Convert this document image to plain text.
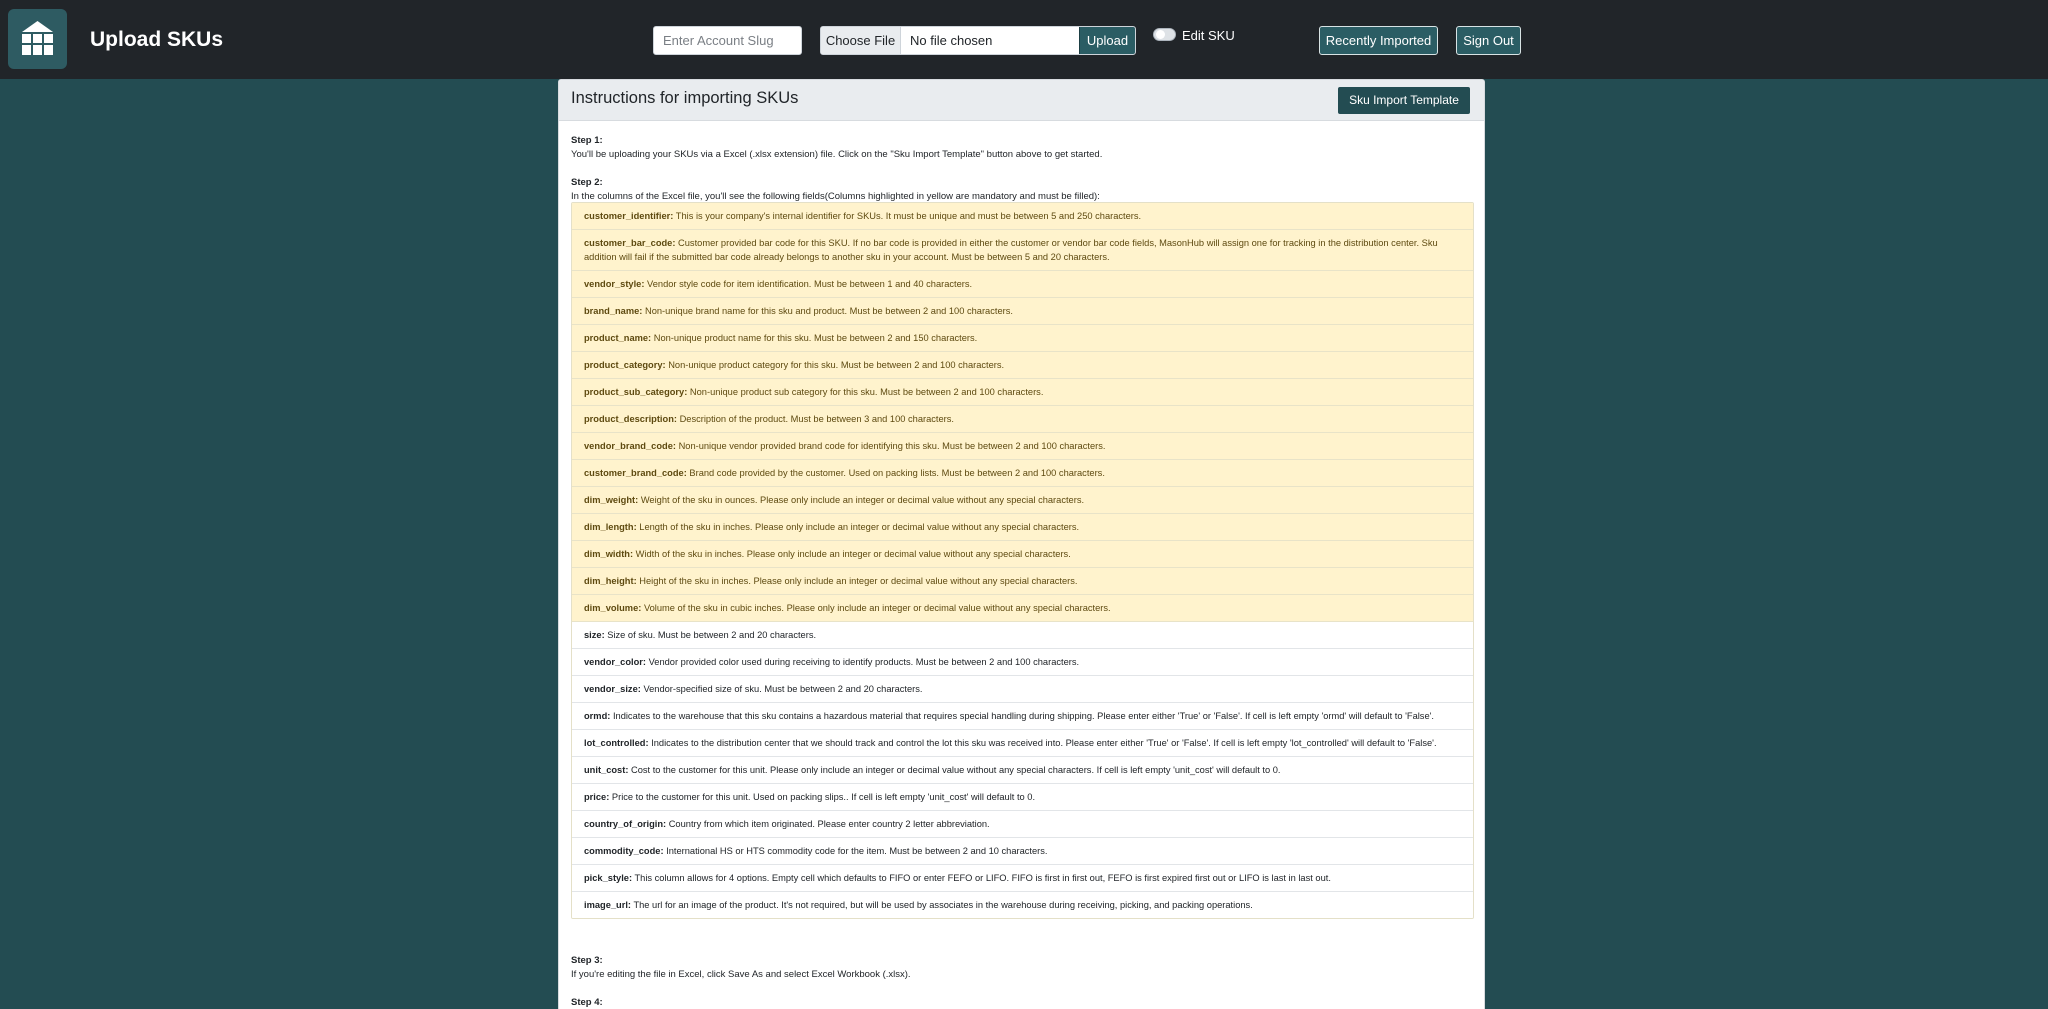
Upload SKUs
Enter Account Slug	Choose File	No file chosen	Upload	Edit SKU	Recently Imported	Sign Out
Instructions for importing SKUs	Sku Import Template
Step 1:
You'll be uploading your SKUs via a Excel (.xlsx extension) file. Click on the "Sku Import Template" button above to get started.
Step 2:
In the columns of the Excel file, you'll see the following fields(Columns highlighted in yellow are mandatory and must be filled):
customer_identifier: This is your company's internal identifier for SKUs. It must be unique and must be between 5 and 250 characters.
customer_bar_code: Customer provided bar code for this SKU. If no bar code is provided in either the customer or vendor bar code fields, MasonHub will assign one for tracking in the distribution center. Sku addition will fail if the submitted bar code already belongs to another sku in your account. Must be between 5 and 20 characters.
vendor_style: Vendor style code for item identification. Must be between 1 and 40 characters.
brand_name: Non-unique brand name for this sku and product. Must be between 2 and 100 characters.
product_name: Non-unique product name for this sku. Must be between 2 and 150 characters.
product_category: Non-unique product category for this sku. Must be between 2 and 100 characters.
product_sub_category: Non-unique product sub category for this sku. Must be between 2 and 100 characters.
product_description: Description of the product. Must be between 3 and 100 characters.
vendor_brand_code: Non-unique vendor provided brand code for identifying this sku. Must be between 2 and 100 characters.
customer_brand_code: Brand code provided by the customer. Used on packing lists. Must be between 2 and 100 characters.
dim_weight: Weight of the sku in ounces. Please only include an integer or decimal value without any special characters.
dim_length: Length of the sku in inches. Please only include an integer or decimal value without any special characters.
dim_width: Width of the sku in inches. Please only include an integer or decimal value without any special characters.
dim_height: Height of the sku in inches. Please only include an integer or decimal value without any special characters.
dim_volume: Volume of the sku in cubic inches. Please only include an integer or decimal value without any special characters.
size: Size of sku. Must be between 2 and 20 characters.
vendor_color: Vendor provided color used during receiving to identify products. Must be between 2 and 100 characters.
vendor_size: Vendor-specified size of sku. Must be between 2 and 20 characters.
ormd: Indicates to the warehouse that this sku contains a hazardous material that requires special handling during shipping. Please enter either 'True' or 'False'. If cell is left empty 'ormd' will default to 'False'.
lot_controlled: Indicates to the distribution center that we should track and control the lot this sku was received into. Please enter either 'True' or 'False'. If cell is left empty 'lot_controlled' will default to 'False'.
unit_cost: Cost to the customer for this unit. Please only include an integer or decimal value without any special characters. If cell is left empty 'unit_cost' will default to 0.
price: Price to the customer for this unit. Used on packing slips.. If cell is left empty 'unit_cost' will default to 0.
country_of_origin: Country from which item originated. Please enter country 2 letter abbreviation.
commodity_code: International HS or HTS commodity code for the item. Must be between 2 and 10 characters.
pick_style: This column allows for 4 options. Empty cell which defaults to FIFO or enter FEFO or LIFO. FIFO is first in first out, FEFO is first expired first out or LIFO is last in last out.
image_url: The url for an image of the product. It's not required, but will be used by associates in the warehouse during receiving, picking, and packing operations.
Step 3:
If you're editing the file in Excel, click Save As and select Excel Workbook (.xlsx).
Step 4:
